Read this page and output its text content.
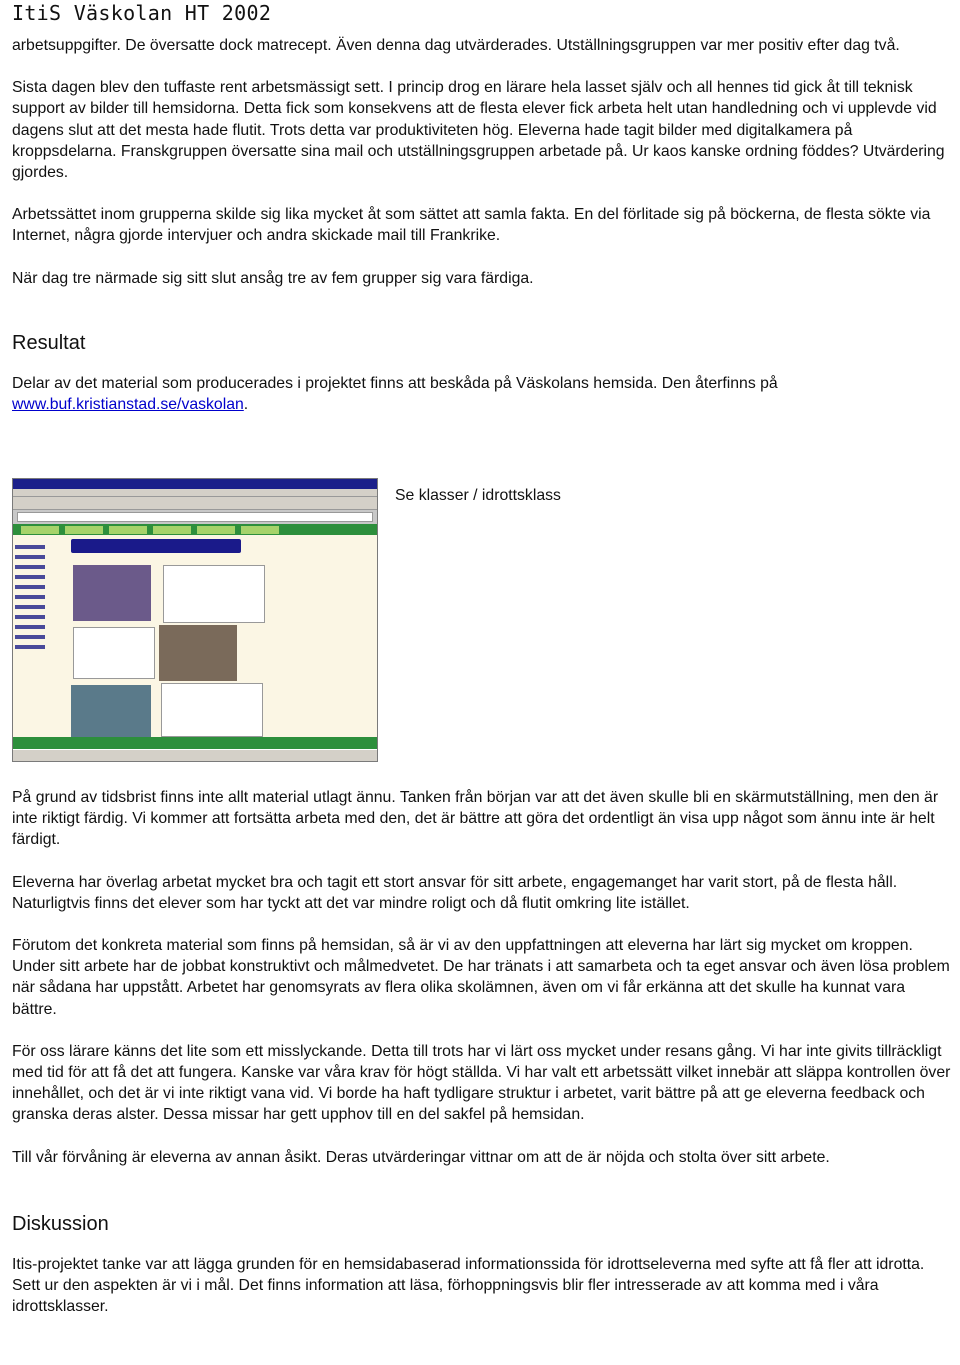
ItiS Väskolan HT 2002

arbetsuppgifter. De översatte dock matrecept. Även denna dag utvärderades. Utställningsgruppen var mer positiv efter dag två.

Sista dagen blev den tuffaste rent arbetsmässigt sett. I princip drog en lärare hela lasset själv och all hennes tid gick åt till teknisk support av bilder till hemsidorna. Detta fick som konsekvens att de flesta elever fick arbeta helt utan handledning och vi upplevde vid dagens slut att det mesta hade flutit. Trots detta var produktiviteten hög. Eleverna hade tagit bilder med digitalkamera på kroppsdelarna. Franskgruppen översatte sina mail och utställningsgruppen arbetade på. Ur kaos kanske ordning föddes? Utvärdering gjordes.

Arbetssättet inom grupperna skilde sig lika mycket åt som sättet att samla fakta. En del förlitade sig på böckerna, de flesta sökte via Internet, några gjorde intervjuer och andra skickade mail till Frankrike.

När dag tre närmade sig sitt slut ansåg tre av fem grupper sig vara färdiga.

Resultat

Delar av det material som producerades i projektet finns att beskåda på Väskolans hemsida. Den återfinns på www.buf.kristianstad.se/vaskolan.

Se klasser / idrottsklass

På grund av tidsbrist finns inte allt material utlagt ännu. Tanken från början var att det även skulle bli en skärmutställning, men den är inte riktigt färdig. Vi kommer att fortsätta arbeta med den, det är bättre att göra det ordentligt än visa upp något som ännu inte är helt färdigt.

Eleverna har överlag arbetat mycket bra och tagit ett stort ansvar för sitt arbete, engagemanget har varit stort, på de flesta håll. Naturligtvis finns det elever som har tyckt att det var mindre roligt och då flutit omkring lite istället.

Förutom det konkreta material som finns på hemsidan, så är vi av den uppfattningen att eleverna har lärt sig mycket om kroppen. Under sitt arbete har de jobbat konstruktivt och målmedvetet. De har tränats i att samarbeta och ta eget ansvar och även lösa problem när sådana har uppstått. Arbetet har genomsyrats av flera olika skolämnen, även om vi får erkänna att det skulle ha kunnat vara bättre.

För oss lärare känns det lite som ett misslyckande. Detta till trots har vi lärt oss mycket under resans gång. Vi har inte givits tillräckligt med tid för att få det att fungera. Kanske var våra krav för högt ställda. Vi har valt ett arbetssätt vilket innebär att släppa kontrollen över innehållet, och det är vi inte riktigt vana vid. Vi borde ha haft tydligare struktur i arbetet, varit bättre på att ge eleverna feedback och granska deras alster. Dessa missar har gett upphov till en del sakfel på hemsidan.

Till vår förvåning är eleverna av annan åsikt. Deras utvärderingar vittnar om att de är nöjda och stolta över sitt arbete.

Diskussion

Itis-projektet tanke var att lägga grunden för en hemsidabaserad informationssida för idrottseleverna med syfte att få fler att idrotta. Sett ur den aspekten är vi i mål. Det finns information att läsa, förhoppningsvis blir fler intresserade av att komma med i våra idrottsklasser.
